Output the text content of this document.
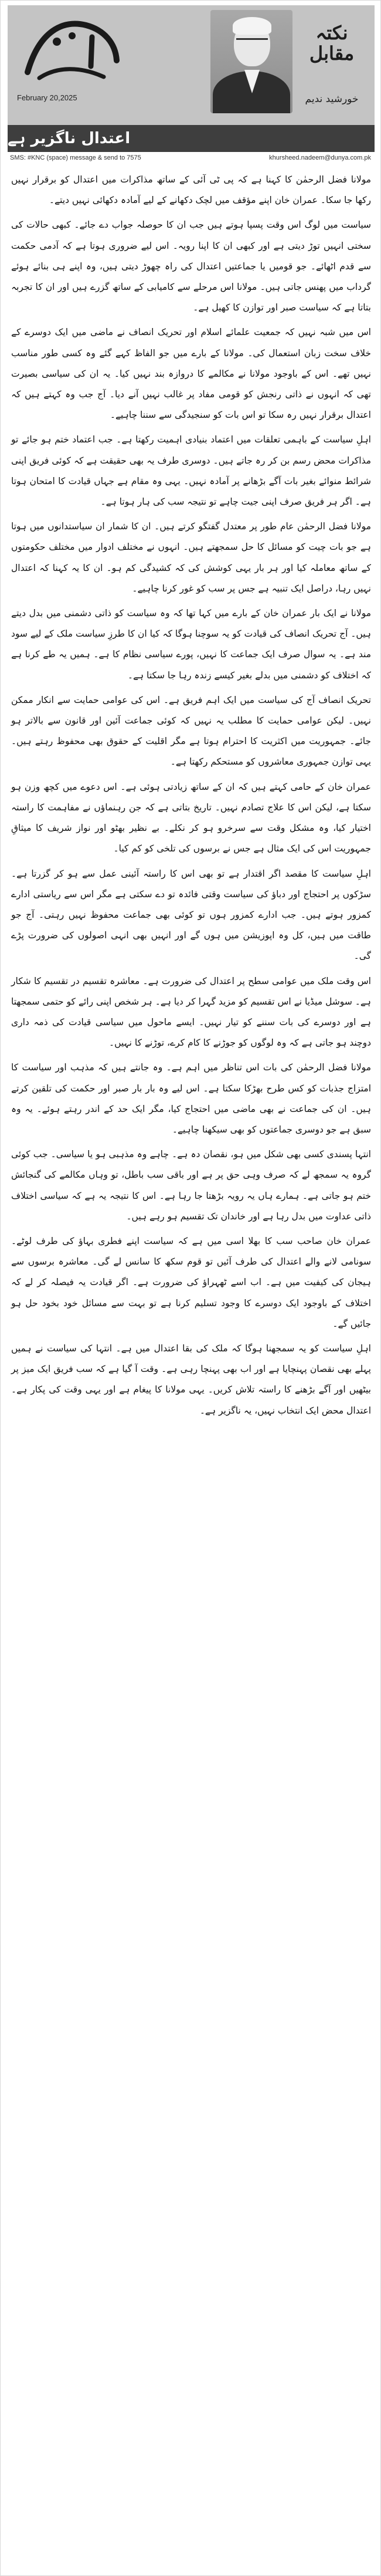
February 20,2025
نکتہ مقابل
خورشید ندیم
اعتدال ناگزیر ہے
SMS: #KNC (space) message & send to 7575	khursheed.nadeem@dunya.com.pk

مولانا فضل الرحمٰن کا کہنا ہے کہ پی ٹی آئی کے ساتھ مذاکرات میں اعتدال کو برقرار نہیں رکھا جا سکا۔ عمران خان اپنے مؤقف میں لچک دکھانے کے لیے آمادہ دکھائی نہیں دیتے۔

سیاست میں لوگ اس وقت پسپا ہوتے ہیں جب ان کا حوصلہ جواب دے جائے۔ کبھی حالات کی سختی انہیں توڑ دیتی ہے اور کبھی ان کا اپنا رویہ۔ اس لیے ضروری ہوتا ہے کہ آدمی حکمت سے قدم اٹھائے۔ جو قومیں یا جماعتیں اعتدال کی راہ چھوڑ دیتی ہیں، وہ اپنے ہی بنائے ہوئے گرداب میں پھنس جاتی ہیں۔ مولانا اس مرحلے سے کامیابی کے ساتھ گزرے ہیں اور ان کا تجربہ بتاتا ہے کہ سیاست صبر اور توازن کا کھیل ہے۔

اس میں شبہ نہیں کہ جمعیت علمائے اسلام اور تحریک انصاف نے ماضی میں ایک دوسرے کے خلاف سخت زبان استعمال کی۔ مولانا کے بارے میں جو الفاظ کہے گئے وہ کسی طور مناسب نہیں تھے۔ اس کے باوجود مولانا نے مکالمے کا دروازہ بند نہیں کیا۔ یہ ان کی سیاسی بصیرت تھی کہ انہوں نے ذاتی رنجش کو قومی مفاد پر غالب نہیں آنے دیا۔ آج جب وہ کہتے ہیں کہ اعتدال برقرار نہیں رہ سکا تو اس بات کو سنجیدگی سے سننا چاہیے۔

اہلِ سیاست کے باہمی تعلقات میں اعتماد بنیادی اہمیت رکھتا ہے۔ جب اعتماد ختم ہو جائے تو مذاکرات محض رسم بن کر رہ جاتے ہیں۔ دوسری طرف یہ بھی حقیقت ہے کہ کوئی فریق اپنی شرائط منوائے بغیر بات آگے بڑھانے پر آمادہ نہیں۔ یہی وہ مقام ہے جہاں قیادت کا امتحان ہوتا ہے۔ اگر ہر فریق صرف اپنی جیت چاہے تو نتیجہ سب کی ہار ہوتا ہے۔

مولانا فضل الرحمٰن عام طور پر معتدل گفتگو کرتے ہیں۔ ان کا شمار ان سیاستدانوں میں ہوتا ہے جو بات چیت کو مسائل کا حل سمجھتے ہیں۔ انہوں نے مختلف ادوار میں مختلف حکومتوں کے ساتھ معاملہ کیا اور ہر بار یہی کوشش کی کہ کشیدگی کم ہو۔ ان کا یہ کہنا کہ اعتدال نہیں رہا، دراصل ایک تنبیہ ہے جس پر سب کو غور کرنا چاہیے۔

مولانا نے ایک بار عمران خان کے بارے میں کہا تھا کہ وہ سیاست کو ذاتی دشمنی میں بدل دیتے ہیں۔ آج تحریک انصاف کی قیادت کو یہ سوچنا ہوگا کہ کیا ان کا طرزِ سیاست ملک کے لیے سود مند ہے۔ یہ سوال صرف ایک جماعت کا نہیں، پورے سیاسی نظام کا ہے۔ ہمیں یہ طے کرنا ہے کہ اختلاف کو دشمنی میں بدلے بغیر کیسے زندہ رہا جا سکتا ہے۔

تحریک انصاف آج کی سیاست میں ایک اہم فریق ہے۔ اس کی عوامی حمایت سے انکار ممکن نہیں۔ لیکن عوامی حمایت کا مطلب یہ نہیں کہ کوئی جماعت آئین اور قانون سے بالاتر ہو جائے۔ جمہوریت میں اکثریت کا احترام ہوتا ہے مگر اقلیت کے حقوق بھی محفوظ رہتے ہیں۔ یہی توازن جمہوری معاشروں کو مستحکم رکھتا ہے۔

عمران خان کے حامی کہتے ہیں کہ ان کے ساتھ زیادتی ہوئی ہے۔ اس دعوے میں کچھ وزن ہو سکتا ہے، لیکن اس کا علاج تصادم نہیں۔ تاریخ بتاتی ہے کہ جن رہنماؤں نے مفاہمت کا راستہ اختیار کیا، وہ مشکل وقت سے سرخرو ہو کر نکلے۔ بے نظیر بھٹو اور نواز شریف کا میثاقِ جمہوریت اس کی ایک مثال ہے جس نے برسوں کی تلخی کو کم کیا۔

اہلِ سیاست کا مقصد اگر اقتدار ہے تو بھی اس کا راستہ آئینی عمل سے ہو کر گزرتا ہے۔ سڑکوں پر احتجاج اور دباؤ کی سیاست وقتی فائدہ تو دے سکتی ہے مگر اس سے ریاستی ادارے کمزور ہوتے ہیں۔ جب ادارے کمزور ہوں تو کوئی بھی جماعت محفوظ نہیں رہتی۔ آج جو طاقت میں ہیں، کل وہ اپوزیشن میں ہوں گے اور انہیں بھی انہی اصولوں کی ضرورت پڑے گی۔

اس وقت ملک میں عوامی سطح پر اعتدال کی ضرورت ہے۔ معاشرہ تقسیم در تقسیم کا شکار ہے۔ سوشل میڈیا نے اس تقسیم کو مزید گہرا کر دیا ہے۔ ہر شخص اپنی رائے کو حتمی سمجھتا ہے اور دوسرے کی بات سننے کو تیار نہیں۔ ایسے ماحول میں سیاسی قیادت کی ذمہ داری دوچند ہو جاتی ہے کہ وہ لوگوں کو جوڑنے کا کام کرے، توڑنے کا نہیں۔

مولانا فضل الرحمٰن کی بات اس تناظر میں اہم ہے۔ وہ جانتے ہیں کہ مذہب اور سیاست کا امتزاج جذبات کو کس طرح بھڑکا سکتا ہے۔ اس لیے وہ بار بار صبر اور حکمت کی تلقین کرتے ہیں۔ ان کی جماعت نے بھی ماضی میں احتجاج کیا، مگر ایک حد کے اندر رہتے ہوئے۔ یہ وہ سبق ہے جو دوسری جماعتوں کو بھی سیکھنا چاہیے۔

انتہا پسندی کسی بھی شکل میں ہو، نقصان دہ ہے۔ چاہے وہ مذہبی ہو یا سیاسی۔ جب کوئی گروہ یہ سمجھ لے کہ صرف وہی حق پر ہے اور باقی سب باطل، تو وہاں مکالمے کی گنجائش ختم ہو جاتی ہے۔ ہمارے ہاں یہ رویہ بڑھتا جا رہا ہے۔ اس کا نتیجہ یہ ہے کہ سیاسی اختلاف ذاتی عداوت میں بدل رہا ہے اور خاندان تک تقسیم ہو رہے ہیں۔

عمران خان صاحب سب کا بھلا اسی میں ہے کہ سیاست اپنے فطری بہاؤ کی طرف لوٹے۔ سونامی لانے والے اعتدال کی طرف آئیں تو قوم سکھ کا سانس لے گی۔ معاشرہ برسوں سے ہیجان کی کیفیت میں ہے۔ اب اسے ٹھہراؤ کی ضرورت ہے۔ اگر قیادت یہ فیصلہ کر لے کہ اختلاف کے باوجود ایک دوسرے کا وجود تسلیم کرنا ہے تو بہت سے مسائل خود بخود حل ہو جائیں گے۔

اہلِ سیاست کو یہ سمجھنا ہوگا کہ ملک کی بقا اعتدال میں ہے۔ انتہا کی سیاست نے ہمیں پہلے بھی نقصان پہنچایا ہے اور اب بھی پہنچا رہی ہے۔ وقت آ گیا ہے کہ سب فریق ایک میز پر بیٹھیں اور آگے بڑھنے کا راستہ تلاش کریں۔ یہی مولانا کا پیغام ہے اور یہی وقت کی پکار ہے۔ اعتدال محض ایک انتخاب نہیں، یہ ناگزیر ہے۔
